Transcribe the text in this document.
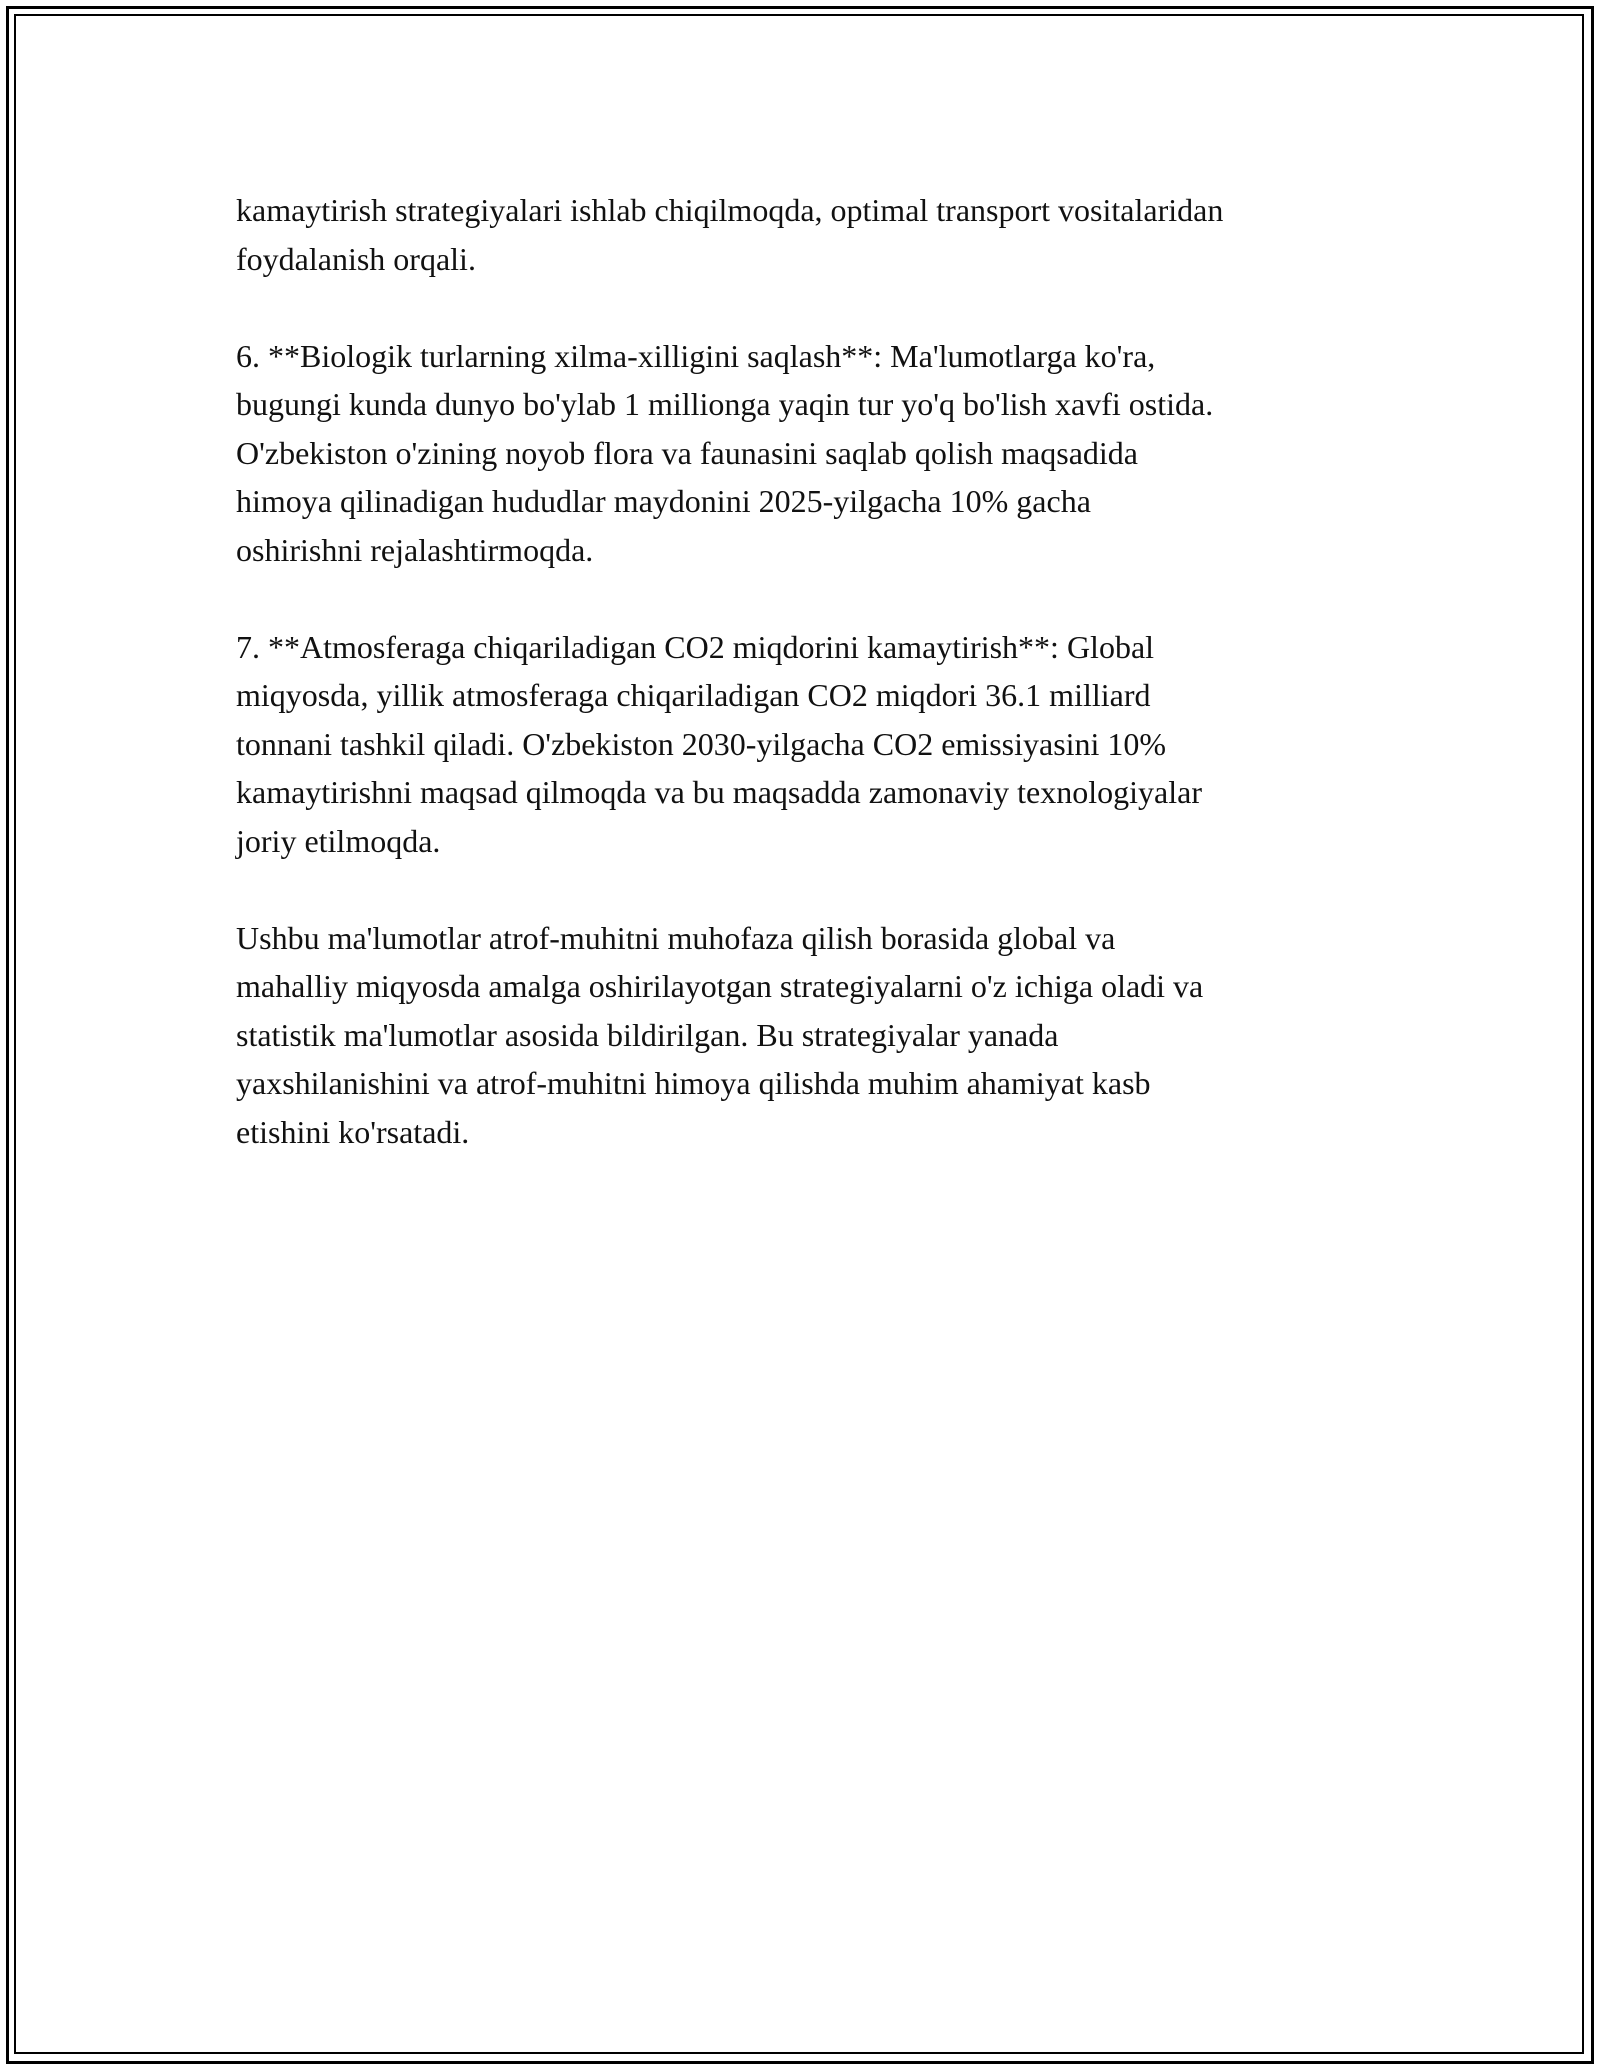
kamaytirish strategiyalari ishlab chiqilmoqda, optimal transport vositalaridan
foydalanish orqali.

6. **Biologik turlarning xilma-xilligini saqlash**: Ma'lumotlarga ko'ra,
bugungi kunda dunyo bo'ylab 1 millionga yaqin tur yo'q bo'lish xavfi ostida.
O'zbekiston o'zining noyob flora va faunasini saqlab qolish maqsadida
himoya qilinadigan hududlar maydonini 2025-yilgacha 10% gacha
oshirishni rejalashtirmoqda.

7. **Atmosferaga chiqariladigan CO2 miqdorini kamaytirish**: Global
miqyosda, yillik atmosferaga chiqariladigan CO2 miqdori 36.1 milliard
tonnani tashkil qiladi. O'zbekiston 2030-yilgacha CO2 emissiyasini 10%
kamaytirishni maqsad qilmoqda va bu maqsadda zamonaviy texnologiyalar
joriy etilmoqda.

Ushbu ma'lumotlar atrof-muhitni muhofaza qilish borasida global va
mahalliy miqyosda amalga oshirilayotgan strategiyalarni o'z ichiga oladi va
statistik ma'lumotlar asosida bildirilgan. Bu strategiyalar yanada
yaxshilanishini va atrof-muhitni himoya qilishda muhim ahamiyat kasb
etishini ko'rsatadi.
